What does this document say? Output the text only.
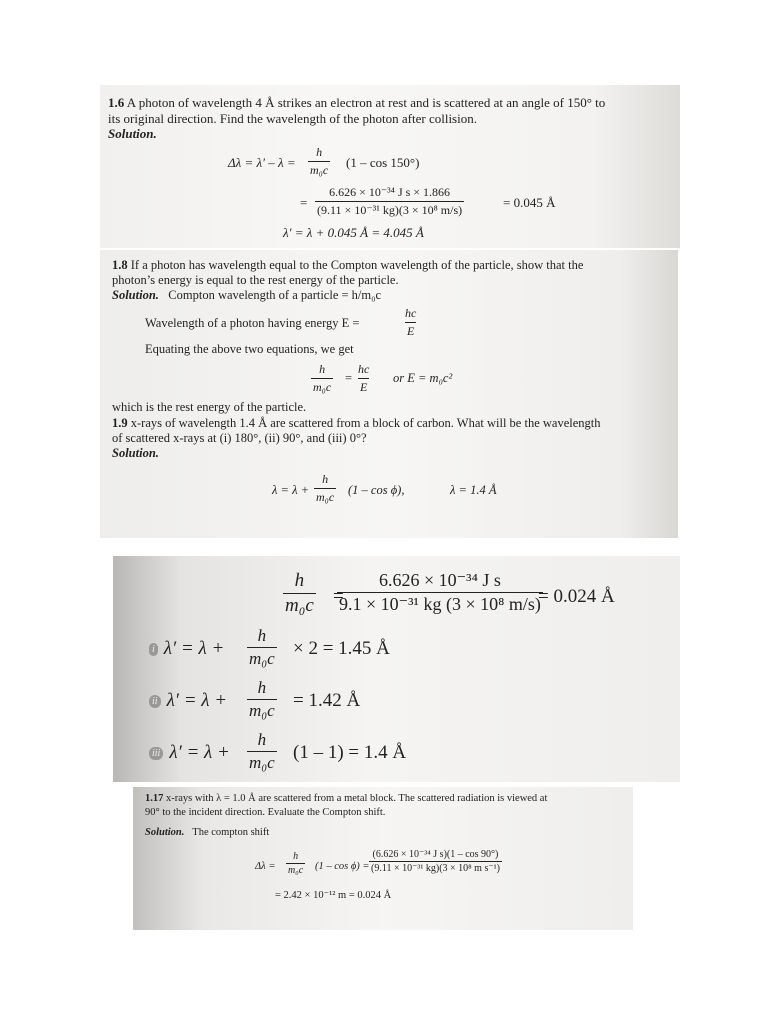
1.6 A photon of wavelength 4 Å strikes an electron at rest and is scattered at an angle of 150° to
its original direction. Find the wavelength of the photon after collision.
Solution.
$\Delta\lambda = \lambda' - \lambda = \frac{h}{\text{m₀c}} (1 - \cos 150^\circ)$
= $\frac{\text{6.626 × 10⁻³⁴ J s × 1.866}}{\text{(9.11 × 10⁻³¹ kg)(3 × 10⁸ m/s)}}$	= 0.045 Å
λ′ = λ + 0.045 Å = 4.045 Å
1.8 If a photon has wavelength equal to the Compton wavelength of the particle, show that the
photon’s energy is equal to the rest energy of the particle.
Solution. Compton wavelength of a particle = h/m₀c
Wavelength of a photon having energy E =	$\frac{hc}{E}$
Equating the above two equations, we get
$\frac{h}{\text{m₀c}} = \frac{hc}{E}$ or E = m₀c²
which is the rest energy of the particle.
1.9 x-rays of wavelength 1.4 Å are scattered from a block of carbon. What will be the wavelength
of scattered x-rays at (i) 180°, (ii) 90°, and (iii) 0°?
Solution.
$\lambda = \lambda + \frac{h}{\text{m₀c}} (1 - \cos \phi)$,	λ = 1.4 Å
$\frac{h}{\text{m₀c}}$ =
$\frac{\text{6.626 × 10⁻³⁴ J s}}{\text{9.1 × 10⁻³¹ kg (3 × 10⁸ m/s)}}$
= 0.024 Å
i $\lambda' = \lambda + \frac{h}{\text{m₀c}} \times 2 = 1.45$ Å
ii $\lambda' = \lambda + \frac{h}{\text{m₀c}} = 1.42$ Å
iii $\lambda' = \lambda + \frac{h}{\text{m₀c}} (1 - 1) = 1.4$ Å
1.17 x-rays with λ = 1.0 Å are scattered from a metal block. The scattered radiation is viewed at
90° to the incident direction. Evaluate the Compton shift.
Solution. The compton shift
$\Delta\lambda = \frac{h}{\text{m₀c}} (1 - \cos \phi) = \frac{\text{(6.626 × 10⁻³⁴ J s)(1 – cos 90°)}}{\text{(9.11 × 10⁻³¹ kg)(3 × 10⁸ m s⁻¹)}}$
= 2.42 × 10⁻¹² m = 0.024 Å
